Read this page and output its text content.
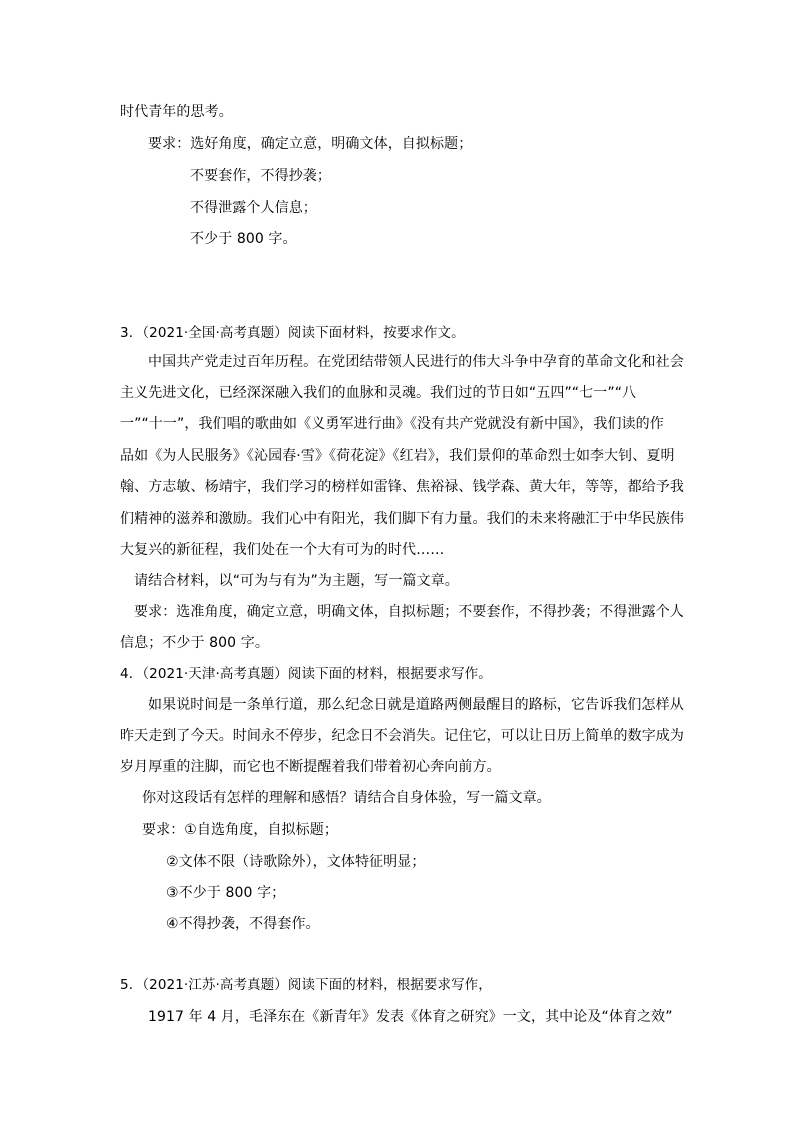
时代青年的思考。
要求：选好角度，确定立意，明确文体，自拟标题；
不要套作，不得抄袭；
不得泄露个人信息；
不少于 800 字。
3．（2021·全国·高考真题）阅读下面材料，按要求作文。
中国共产党走过百年历程。在党团结带领人民进行的伟大斗争中孕育的革命文化和社会
主义先进文化，已经深深融入我们的血脉和灵魂。我们过的节日如“五四”“七一”“八
一”“十一”，我们唱的歌曲如《义勇军进行曲》《没有共产党就没有新中国》，我们读的作
品如《为人民服务》《沁园春·雪》《荷花淀》《红岩》，我们景仰的革命烈士如李大钊、夏明
翰、方志敏、杨靖宇，我们学习的榜样如雷锋、焦裕禄、钱学森、黄大年，等等，都给予我
们精神的滋养和激励。我们心中有阳光，我们脚下有力量。我们的未来将融汇于中华民族伟
大复兴的新征程，我们处在一个大有可为的时代……
请结合材料，以“可为与有为”为主题，写一篇文章。
要求：选准角度，确定立意，明确文体，自拟标题；不要套作，不得抄袭；不得泄露个人
信息；不少于 800 字。
4．（2021·天津·高考真题）阅读下面的材料，根据要求写作。
如果说时间是一条单行道，那么纪念日就是道路两侧最醒目的路标，它告诉我们怎样从
昨天走到了今天。时间永不停步，纪念日不会消失。记住它，可以让日历上简单的数字成为
岁月厚重的注脚，而它也不断提醒着我们带着初心奔向前方。
你对这段话有怎样的理解和感悟？请结合自身体验，写一篇文章。
要求：①自选角度，自拟标题；
②文体不限（诗歌除外），文体特征明显；
③不少于 800 字；
④不得抄袭，不得套作。
5．（2021·江苏·高考真题）阅读下面的材料，根据要求写作，
1917 年 4 月，毛泽东在《新青年》发表《体育之研究》一文，其中论及“体育之效”
